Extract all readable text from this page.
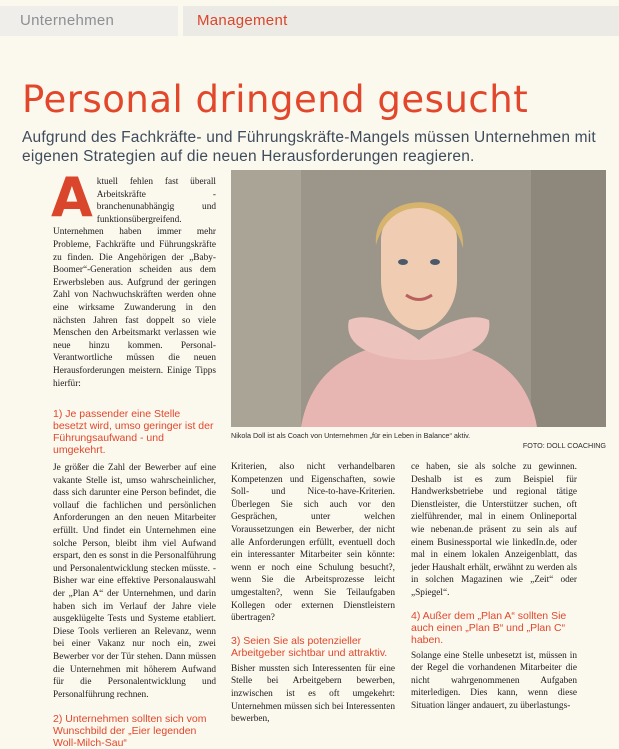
Unternehmen	Management
Personal dringend gesucht

Aufgrund des Fachkräfte- und Führungskräfte-Mangels müssen Unternehmen mit eigenen Strategien auf die neuen Herausforderungen reagieren.

A ktuell fehlen fast überall Arbeitskräfte - branchenunabhängig und funktionsübergreifend. Unternehmen haben immer mehr Probleme, Fachkräfte und Führungskräfte zu finden. Die Angehörigen der „Baby-Boomer“-Generation scheiden aus dem Erwerbsleben aus. Aufgrund der geringen Zahl von Nachwuchskräften werden ohne eine wirksame Zuwanderung in den nächsten Jahren fast doppelt so viele Menschen den Arbeitsmarkt verlassen wie neue hinzu kommen. Personal-Verantwortliche müssen die neuen Herausforderungen meistern. Einige Tipps hierfür:

1) Je passender eine Stelle besetzt wird, umso geringer ist der Führungsaufwand - und umgekehrt.

Je größer die Zahl der Bewerber auf eine vakante Stelle ist, umso wahrscheinlicher, dass sich darunter eine Person befindet, die vollauf die fachlichen und persönlichen Anforderungen an den neuen Mitarbeiter erfüllt. Und findet ein Unternehmen eine solche Person, bleibt ihm viel Aufwand erspart, den es sonst in die Personalführung und Personalentwicklung stecken müsste. - Bisher war eine effektive Personalauswahl der „Plan A“ der Unternehmen, und darin haben sich im Verlauf der Jahre viele ausgeklügelte Tests und Systeme etabliert. Diese Tools verlieren an Relevanz, wenn bei einer Vakanz nur noch ein, zwei Bewerber vor der Tür stehen. Dann müssen die Unternehmen mit höherem Aufwand für die Personalentwicklung und Personalführung rechnen.

2) Unternehmen sollten sich vom Wunschbild der „Eier legenden Woll-Milch-Sau“

Nikola Doll ist als Coach von Unternehmen „für ein Leben in Balance“ aktiv.
FOTO: DOLL COACHING

Kriterien, also nicht verhandelbaren Kompetenzen und Eigenschaften, sowie Soll- und Nice-to-have-Kriterien. Überlegen Sie sich auch vor den Gesprächen, unter welchen Voraussetzungen ein Bewerber, der nicht alle Anforderungen erfüllt, eventuell doch ein interessanter Mitarbeiter sein könnte: wenn er noch eine Schulung besucht?, wenn Sie die Arbeitsprozesse leicht umgestalten?, wenn Sie Teilaufgaben Kollegen oder externen Dienstleistern übertragen?

3) Seien Sie als potenzieller Arbeitgeber sichtbar und attraktiv.

Bisher mussten sich Interessenten für eine Stelle bei Arbeitgebern bewerben, inzwischen ist es oft umgekehrt: Unternehmen müssen sich bei Interessenten bewerben,

ce haben, sie als solche zu gewinnen. Deshalb ist es zum Beispiel für Handwerksbetriebe und regional tätige Dienstleister, die Unterstützer suchen, oft zielführender, mal in einem Onlineportal wie nebenan.de präsent zu sein als auf einem Businessportal wie linkedIn.de, oder mal in einem lokalen Anzeigenblatt, das jeder Haushalt erhält, erwähnt zu werden als in solchen Magazinen wie „Zeit“ oder „Spiegel“.

4) Außer dem „Plan A“ sollten Sie auch einen „Plan B“ und „Plan C“ haben.

Solange eine Stelle unbesetzt ist, müssen in der Regel die vorhandenen Mitarbeiter die nicht wahrgenommenen Aufgaben miterledigen. Dies kann, wenn diese Situation länger andauert, zu überlastungs-
